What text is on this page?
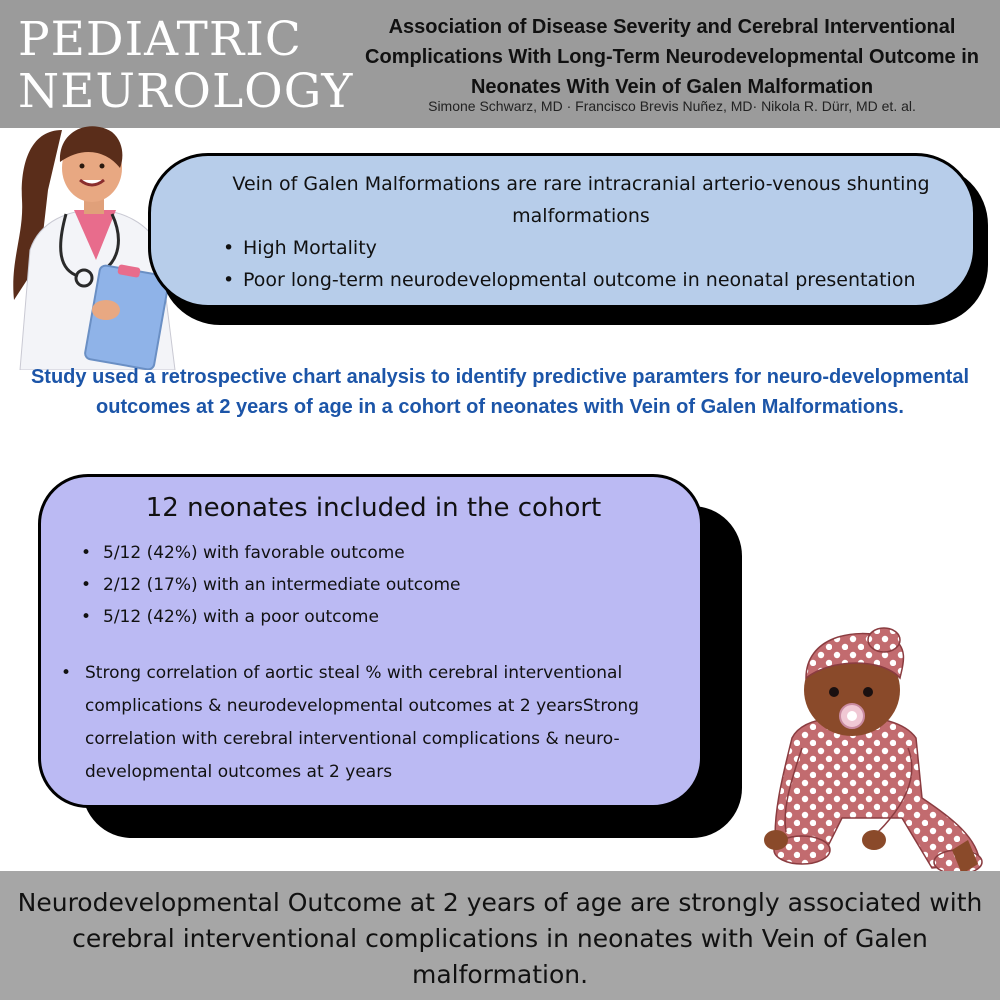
PEDIATRIC
NEUROLOGY
Association of Disease Severity and Cerebral Interventional Complications With Long-Term Neurodevelopmental Outcome in Neonates With Vein of Galen Malformation
Simone Schwarz, MD · Francisco Brevis Nuñez, MD· Nikola R. Dürr, MD et. al.
Vein of Galen Malformations are rare intracranial arterio-venous shunting malformations
• High Mortality
• Poor long-term neurodevelopmental outcome in neonatal presentation
Study used a retrospective chart analysis to identify predictive paramters for neuro-developmental outcomes at 2 years of age in a cohort of neonates with Vein of Galen Malformations.
12 neonates included in the cohort
• 5/12 (42%) with favorable outcome
• 2/12 (17%) with an intermediate outcome
• 5/12 (42%) with a poor outcome
• Strong correlation of aortic steal % with cerebral interventional complications & neurodevelopmental outcomes at 2 yearsStrong correlation with cerebral interventional complications & neuro-developmental outcomes at 2 years

Neurodevelopmental Outcome at 2 years of age are strongly associated with cerebral interventional complications in neonates with Vein of Galen malformation.
